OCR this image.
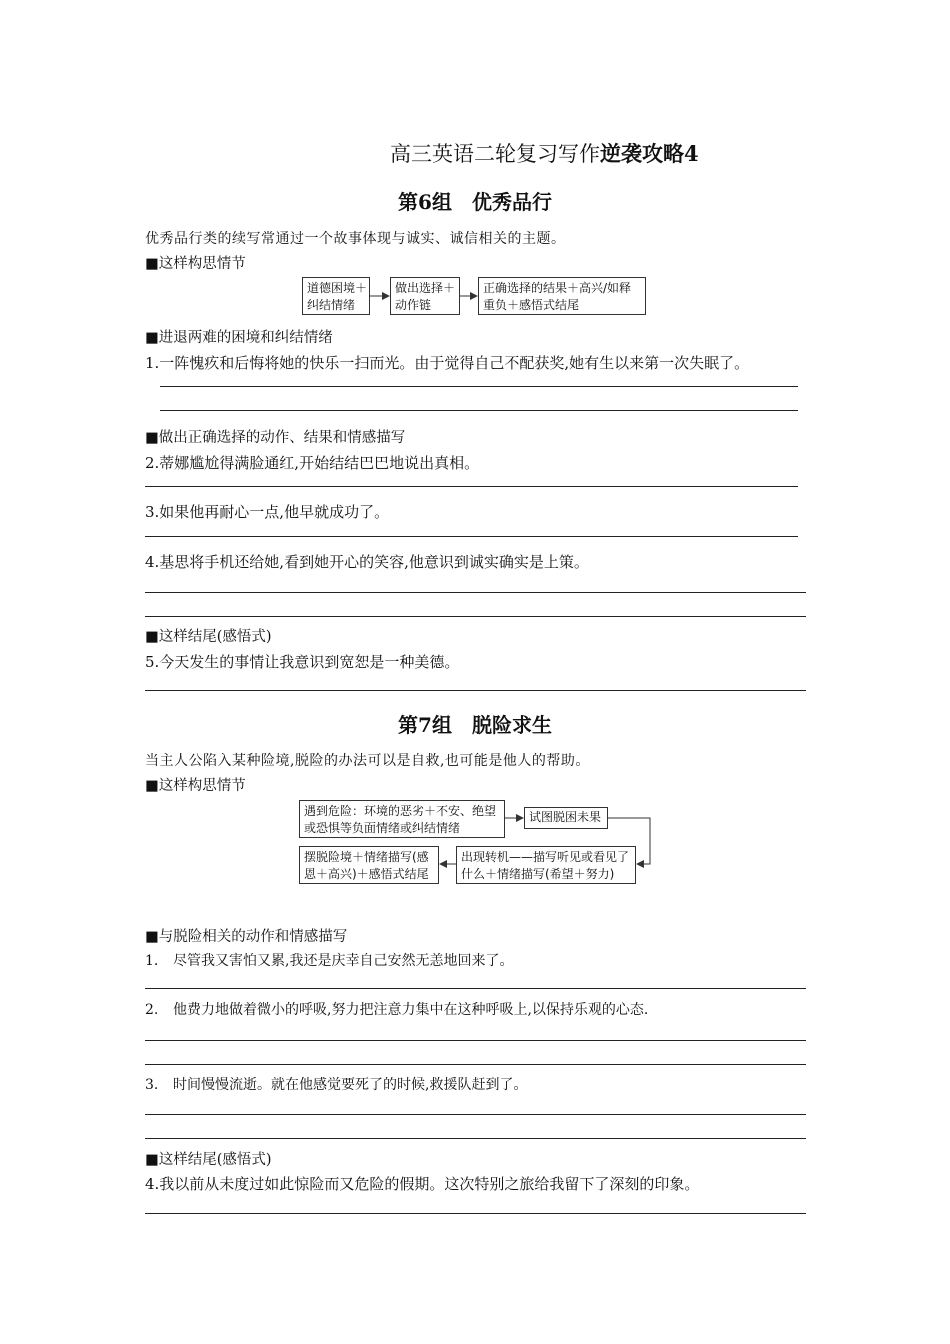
高三英语二轮复习写作逆袭攻略4
第6组　优秀品行
优秀品行类的续写常通过一个故事体现与诚实、诚信相关的主题。
■这样构思情节
道德困境＋
纠结情绪
做出选择＋
动作链
正确选择的结果＋高兴/如释
重负＋感悟式结尾
■进退两难的困境和纠结情绪
1.一阵愧疚和后悔将她的快乐一扫而光。由于觉得自己不配获奖,她有生以来第一次失眠了。
■做出正确选择的动作、结果和情感描写
2.蒂娜尴尬得满脸通红,开始结结巴巴地说出真相。
3.如果他再耐心一点,他早就成功了。
4.基思将手机还给她,看到她开心的笑容,他意识到诚实确实是上策。
■这样结尾(感悟式)
5.今天发生的事情让我意识到宽恕是一种美德。
第7组　脱险求生
当主人公陷入某种险境,脱险的办法可以是自救,也可能是他人的帮助。
■这样构思情节
遇到危险：环境的恶劣＋不安、绝望
或恐惧等负面情绪或纠结情绪
试图脱困未果
出现转机——描写听见或看见了
什么＋情绪描写(希望＋努力)
摆脱险境＋情绪描写(感
恩＋高兴)＋感悟式结尾
■与脱险相关的动作和情感描写
1. 尽管我又害怕又累,我还是庆幸自己安然无恙地回来了。
2. 他费力地做着微小的呼吸,努力把注意力集中在这种呼吸上,以保持乐观的心态.
3. 时间慢慢流逝。就在他感觉要死了的时候,救援队赶到了。
■这样结尾(感悟式)
4.我以前从未度过如此惊险而又危险的假期。这次特别之旅给我留下了深刻的印象。
